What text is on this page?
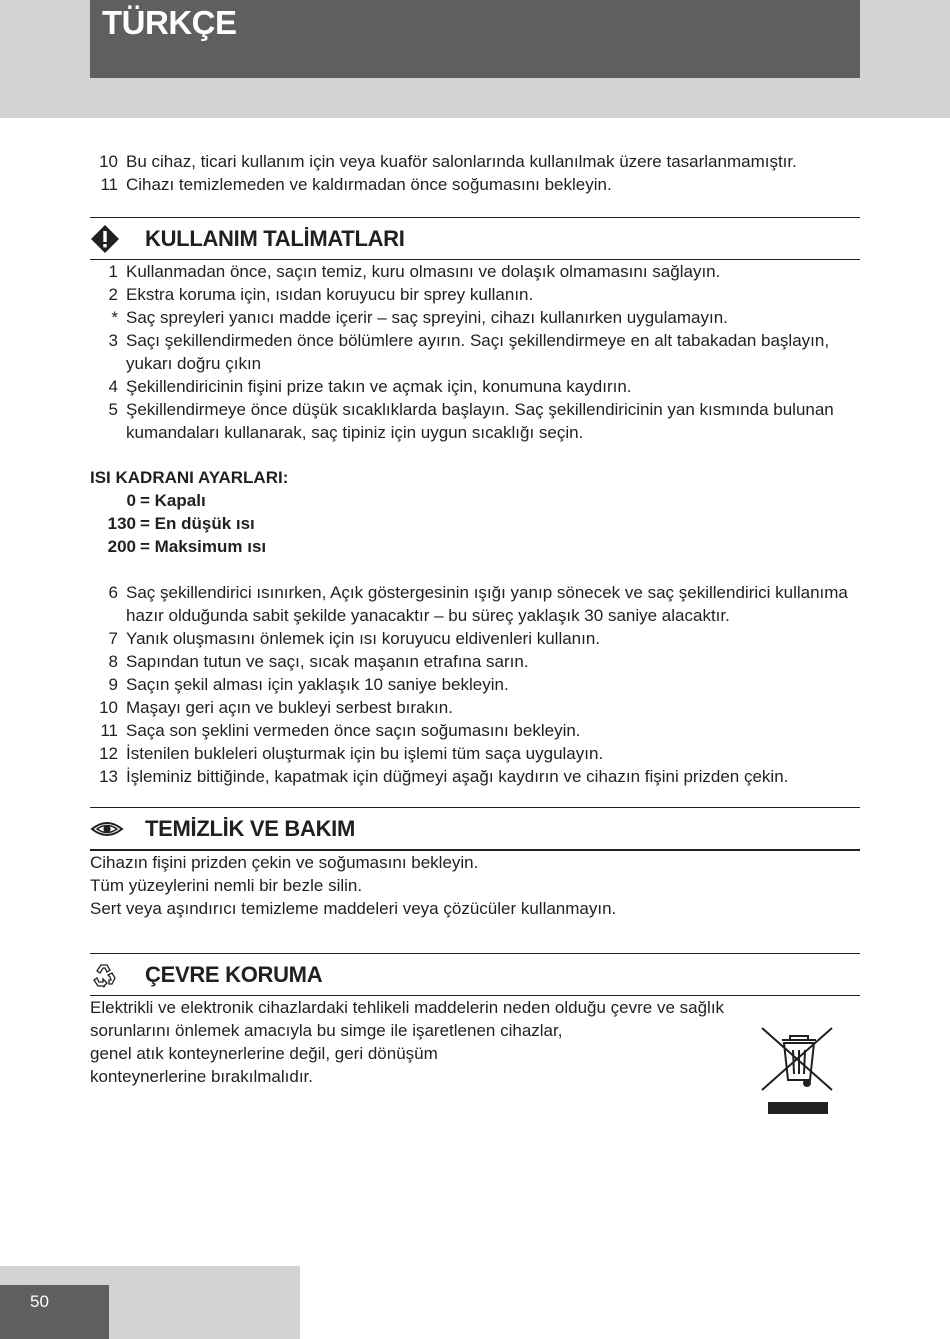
TÜRKÇE
10 Bu cihaz, ticari kullanım için veya kuaför salonlarında kullanılmak üzere tasarlanmamıştır.
11 Cihazı temizlemeden ve kaldırmadan önce soğumasını bekleyin.
KULLANIM TALİMATLARI
1 Kullanmadan önce, saçın temiz, kuru olmasını ve dolaşık olmamasını sağlayın.
2 Ekstra koruma için, ısıdan koruyucu bir sprey kullanın.
* Saç spreyleri yanıcı madde içerir – saç spreyini, cihazı kullanırken uygulamayın.
3 Saçı şekillendirmeden önce bölümlere ayırın. Saçı şekillendirmeye en alt tabakadan başlayın, yukarı doğru çıkın
4 Şekillendiricinin fişini prize takın ve açmak için, konumuna kaydırın.
5 Şekillendirmeye önce düşük sıcaklıklarda başlayın. Saç şekillendiricinin yan kısmında bulunan kumandaları kullanarak, saç tipiniz için uygun sıcaklığı seçin.
ISI KADRANI AYARLARI:
0 = Kapalı
130 = En düşük ısı
200 = Maksimum ısı
6 Saç şekillendirici ısınırken, Açık göstergesinin ışığı yanıp sönecek ve saç şekillendirici kullanıma hazır olduğunda sabit şekilde yanacaktır – bu süreç yaklaşık 30 saniye alacaktır.
7 Yanık oluşmasını önlemek için ısı koruyucu eldivenleri kullanın.
8 Sapından tutun ve saçı, sıcak maşanın etrafına sarın.
9 Saçın şekil alması için yaklaşık 10 saniye bekleyin.
10 Maşayı geri açın ve bukleyi serbest bırakın.
11 Saça son şeklini vermeden önce saçın soğumasını bekleyin.
12 İstenilen bukleleri oluşturmak için bu işlemi tüm saça uygulayın.
13 İşleminiz bittiğinde, kapatmak için düğmeyi aşağı kaydırın ve cihazın fişini prizden çekin.
TEMİZLİK VE BAKIM

Cihazın fişini prizden çekin ve soğumasını bekleyin.

Tüm yüzeylerini nemli bir bezle silin.

Sert veya aşındırıcı temizleme maddeleri veya çözücüler kullanmayın.

ÇEVRE KORUMA

Elektrikli ve elektronik cihazlardaki tehlikeli maddelerin neden olduğu çevre ve sağlık

sorunlarını önlemek amacıyla bu simge ile işaretlenen cihazlar,

genel atık konteynerlerine değil, geri dönüşüm

konteynerlerine bırakılmalıdır.

50
